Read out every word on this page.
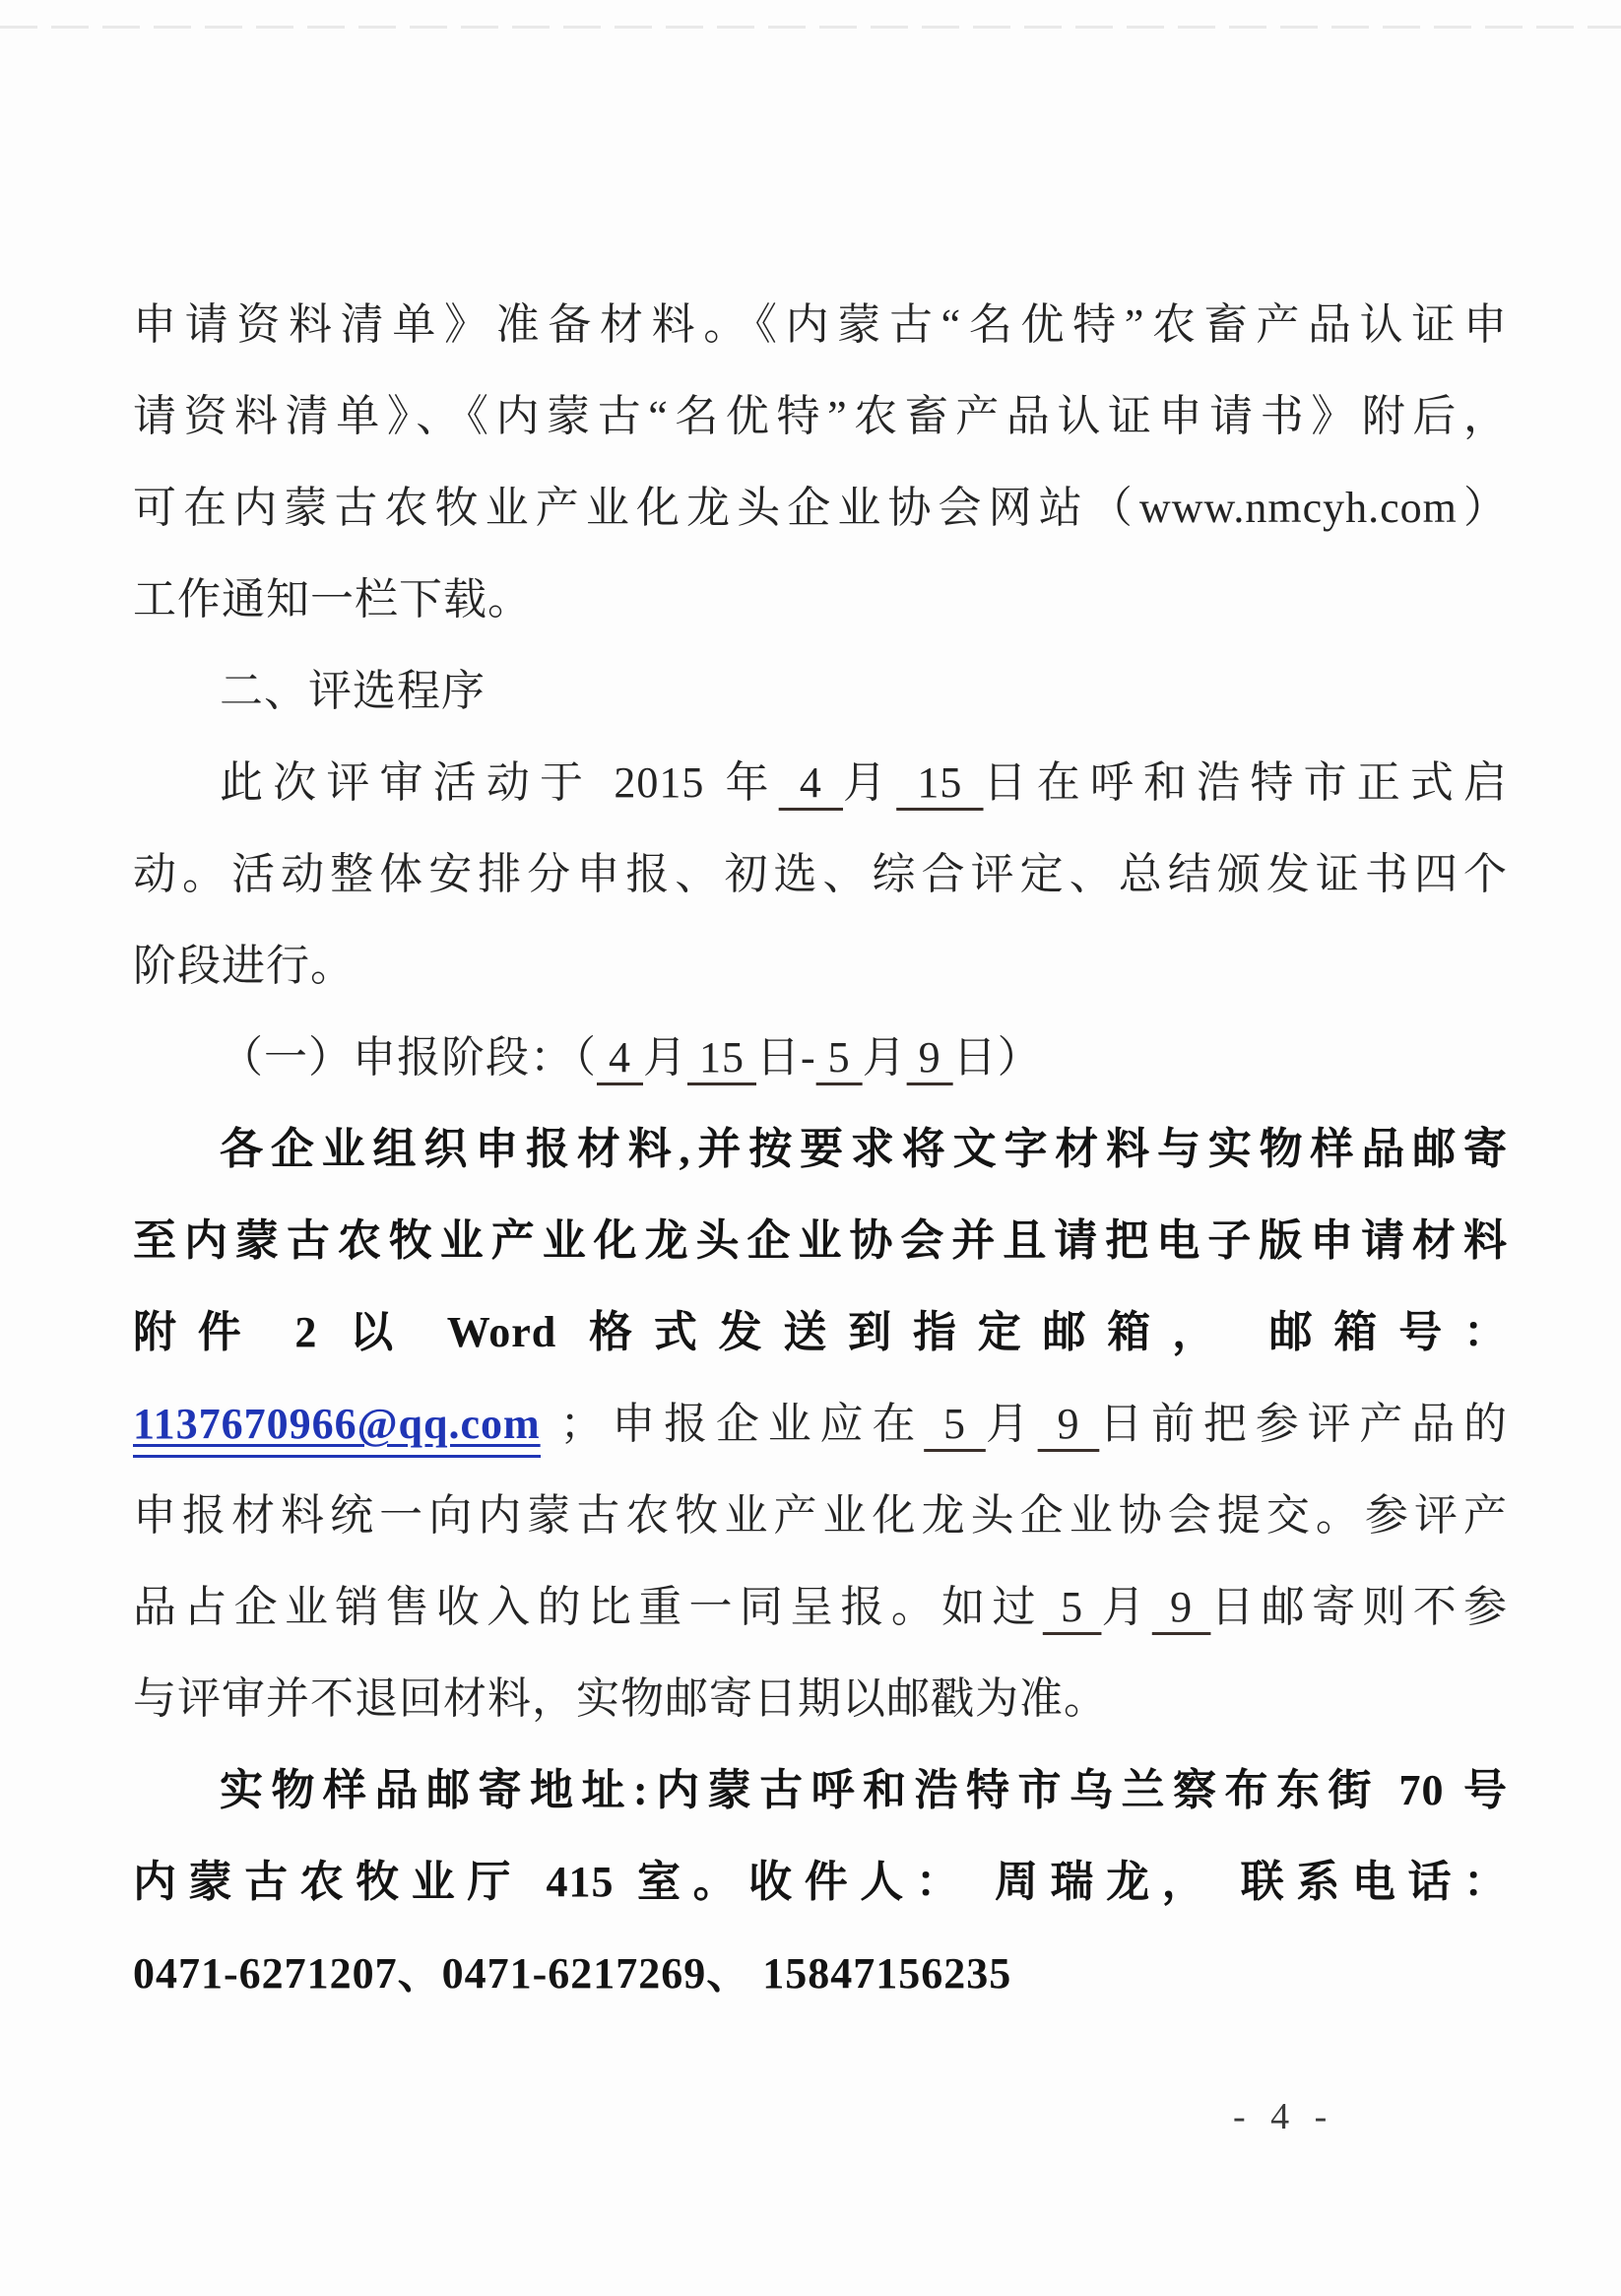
申请资料清单》准备材料。《内蒙古“名优特”农畜产品认证申
请资料清单》、《内蒙古“名优特”农畜产品认证申请书》附后，
可在内蒙古农牧业产业化龙头企业协会网站（www.nmcyh.com）
工作通知一栏下载。
二、评选程序
此次评审活动于 2015 年 4 月 15 日在呼和浩特市正式启
动。活动整体安排分申报、初选、综合评定、总结颁发证书四个
阶段进行。
（一）申报阶段：（ 4 月 15 日- 5 月 9 日）
各企业组织申报材料,并按要求将文字材料与实物样品邮寄
至内蒙古农牧业产业化龙头企业协会并且请把电子版申请材料
附件 2 以 Word 格式发送到指定邮箱， 邮箱号：
1137670966@qq.com ；申报企业应在 5 月 9 日前把参评产品的
申报材料统一向内蒙古农牧业产业化龙头企业协会提交。参评产
品占企业销售收入的比重一同呈报。如过 5 月 9 日邮寄则不参
与评审并不退回材料，实物邮寄日期以邮戳为准。
实物样品邮寄地址:内蒙古呼和浩特市乌兰察布东街 70 号
内蒙古农牧业厅 415 室。收件人： 周瑞龙， 联系电话：
0471-6271207、0471-6217269、 15847156235
- 4 -
